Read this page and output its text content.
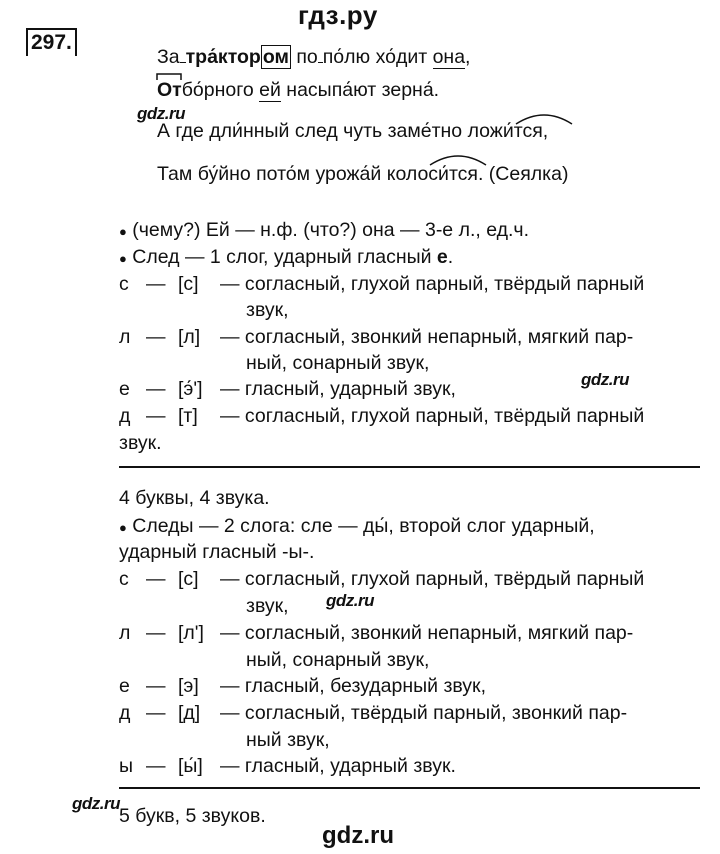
гдз.ру
297.
За тра́ктор ом по по́лю хо́дит она,
Отбо́рного ей насыпа́ют зерна́.
gdz.ru
А где дли́нный след чуть заме́тно ложи́тся,
Там бу́йно пото́м урожа́й колоси́тся. (Сеялка)
● (чему?) Ей — н.ф. (что?) она — 3-е л., ед.ч.
● След — 1 слог, ударный гласный е.
с — [с] — согласный, глухой парный, твёрдый парный
звук,
л — [л] — согласный, звонкий непарный, мягкий пар-
ный, сонарный звук,
е — [э́'] — гласный, ударный звук,
д — [т] — согласный, глухой парный, твёрдый парный
звук.
gdz.ru
4 буквы, 4 звука.
● Следы — 2 слога: сле — ды́, второй слог ударный,
ударный гласный -ы-.
с — [с] — согласный, глухой парный, твёрдый парный
звук,
л — [л'] — согласный, звонкий непарный, мягкий пар-
ный, сонарный звук,
е — [э] — гласный, безударный звук,
д — [д] — согласный, твёрдый парный, звонкий пар-
ный звук,
ы — [ы́] — гласный, ударный звук.
gdz.ru
gdz.ru
5 букв, 5 звуков.
gdz.ru
